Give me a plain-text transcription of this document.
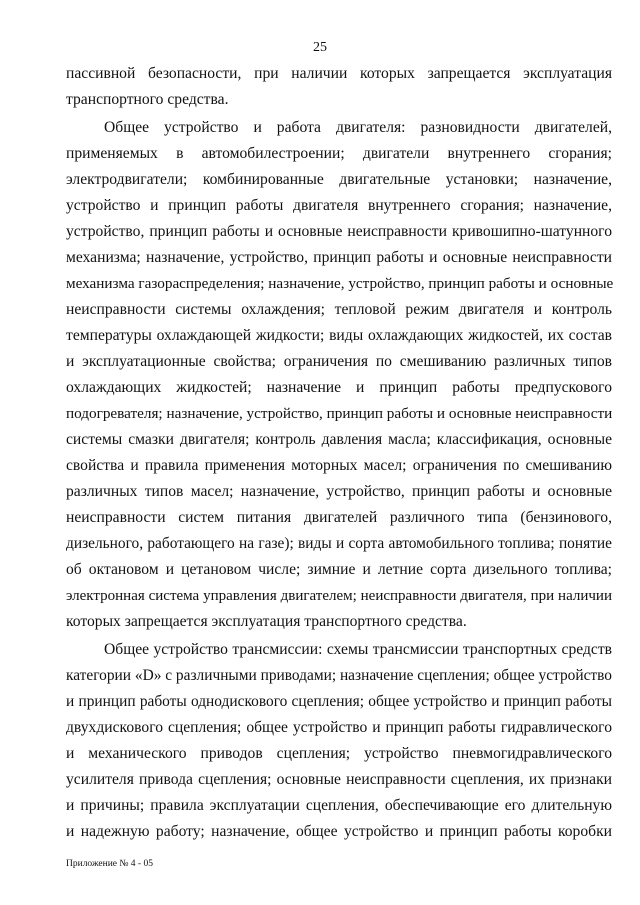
25
пассивной безопасности, при наличии которых запрещается эксплуатация
транспортного средства.
Общее устройство и работа двигателя: разновидности двигателей,
применяемых в автомобилестроении; двигатели внутреннего сгорания;
электродвигатели; комбинированные двигательные установки; назначение,
устройство и принцип работы двигателя внутреннего сгорания; назначение,
устройство, принцип работы и основные неисправности кривошипно-шатунного
механизма; назначение, устройство, принцип работы и основные неисправности
механизма газораспределения; назначение, устройство, принцип работы и основные
неисправности системы охлаждения; тепловой режим двигателя и контроль
температуры охлаждающей жидкости; виды охлаждающих жидкостей, их состав
и эксплуатационные свойства; ограничения по смешиванию различных типов
охлаждающих жидкостей; назначение и принцип работы предпускового
подогревателя; назначение, устройство, принцип работы и основные неисправности
системы смазки двигателя; контроль давления масла; классификация, основные
свойства и правила применения моторных масел; ограничения по смешиванию
различных типов масел; назначение, устройство, принцип работы и основные
неисправности систем питания двигателей различного типа (бензинового,
дизельного, работающего на газе); виды и сорта автомобильного топлива; понятие
об октановом и цетановом числе; зимние и летние сорта дизельного топлива;
электронная система управления двигателем; неисправности двигателя, при наличии
которых запрещается эксплуатация транспортного средства.
Общее устройство трансмиссии: схемы трансмиссии транспортных средств
категории «D» с различными приводами; назначение сцепления; общее устройство
и принцип работы однодискового сцепления; общее устройство и принцип работы
двухдискового сцепления; общее устройство и принцип работы гидравлического
и механического приводов сцепления; устройство пневмогидравлического
усилителя привода сцепления; основные неисправности сцепления, их признаки
и причины; правила эксплуатации сцепления, обеспечивающие его длительную
и надежную работу; назначение, общее устройство и принцип работы коробки
Приложение № 4 - 05
